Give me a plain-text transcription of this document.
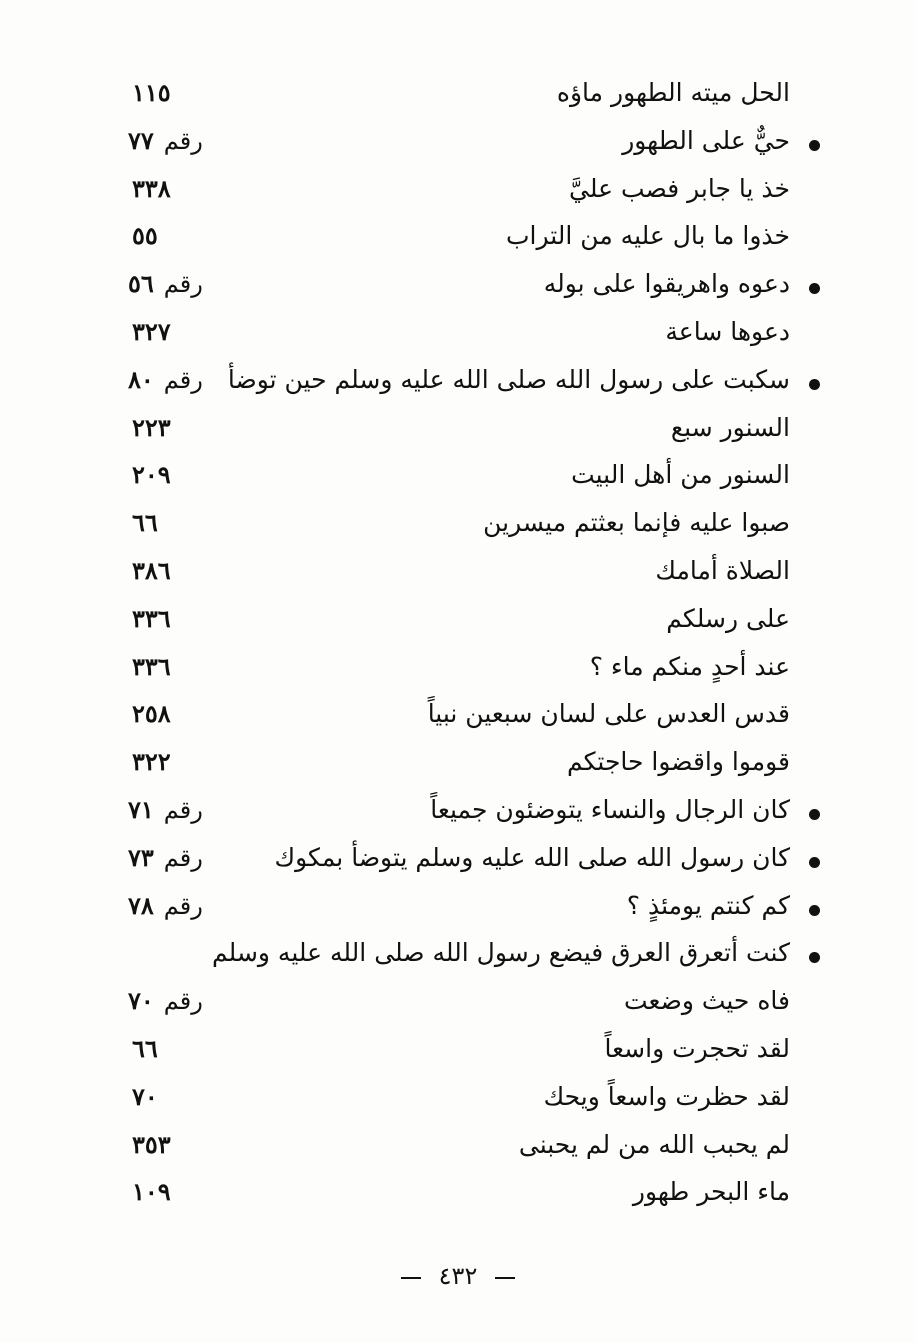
الحل ميته الطهور ماؤه
١١٥
حيٌّ على الطهور
رقم٧٧
خذ يا جابر فصب عليَّ
٣٣٨
خذوا ما بال عليه من التراب
٥٥
دعوه واهريقوا على بوله
رقم٥٦
دعوها ساعة
٣٢٧
سكبت على رسول الله صلى الله عليه وسلم حين توضأ
رقم٨٠
السنور سبع
٢٢٣
السنور من أهل البيت
٢٠٩
صبوا عليه فإنما بعثتم ميسرين
٦٦
الصلاة أمامك
٣٨٦
على رسلكم
٣٣٦
عند أحدٍ منكم ماء ؟
٣٣٦
قدس العدس على لسان سبعين نبياً
٢٥٨
قوموا واقضوا حاجتكم
٣٢٢
كان الرجال والنساء يتوضئون جميعاً
رقم٧١
كان رسول الله صلى الله عليه وسلم يتوضأ بمكوك
رقم٧٣
كم كنتم يومئذٍ ؟
رقم٧٨
كنت أتعرق العرق فيضع رسول الله صلى الله عليه وسلم
فاه حيث وضعت
رقم٧٠
لقد تحجرت واسعاً
٦٦
لقد حظرت واسعاً ويحك
٧٠
لم يحبب الله من لم يحبنى
٣٥٣
ماء البحر طهور
١٠٩
٤٣٢
